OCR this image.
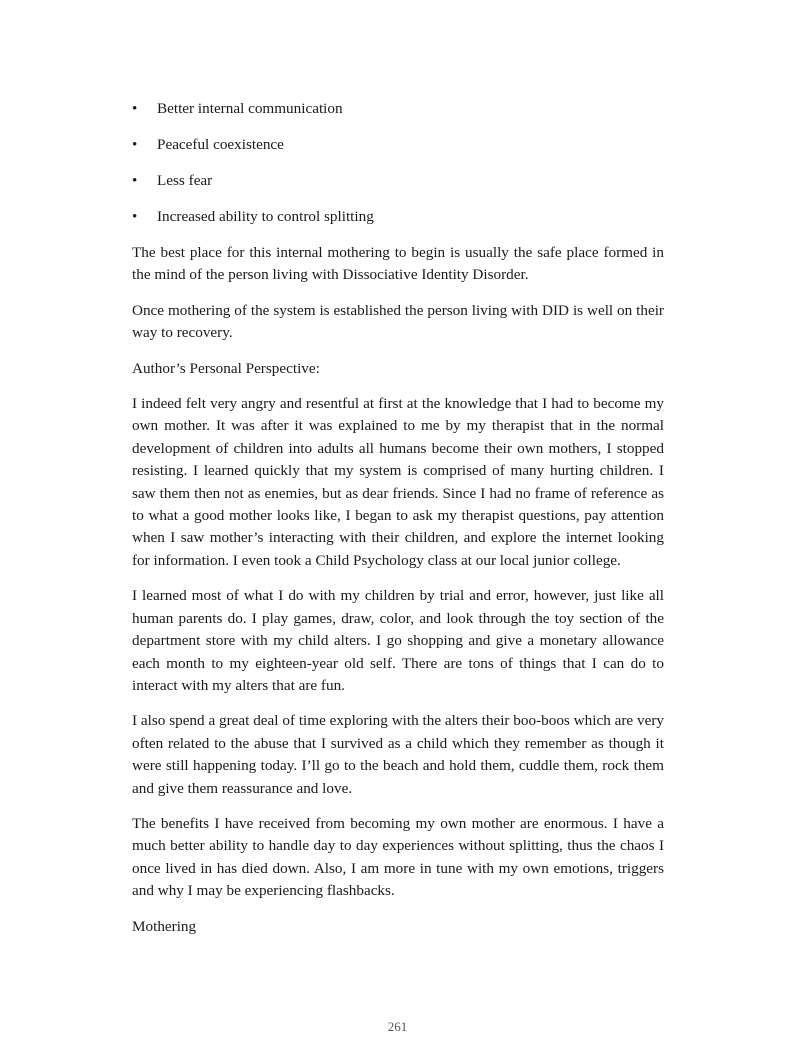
• Better internal communication
• Peaceful coexistence
• Less fear
• Increased ability to control splitting

The best place for this internal mothering to begin is usually the safe place formed in the mind of the person living with Dissociative Identity Disorder.

Once mothering of the system is established the person living with DID is well on their way to recovery.

Author’s Personal Perspective:

I indeed felt very angry and resentful at first at the knowledge that I had to become my own mother. It was after it was explained to me by my therapist that in the normal development of children into adults all humans become their own mothers, I stopped resisting. I learned quickly that my system is comprised of many hurting children. I saw them then not as enemies, but as dear friends. Since I had no frame of reference as to what a good mother looks like, I began to ask my therapist questions, pay attention when I saw mother’s interacting with their children, and explore the internet looking for information. I even took a Child Psychology class at our local junior college.

I learned most of what I do with my children by trial and error, however, just like all human parents do. I play games, draw, color, and look through the toy section of the department store with my child alters. I go shopping and give a monetary allowance each month to my eighteen-year old self. There are tons of things that I can do to interact with my alters that are fun.

I also spend a great deal of time exploring with the alters their boo-boos which are very often related to the abuse that I survived as a child which they remember as though it were still happening today. I’ll go to the beach and hold them, cuddle them, rock them and give them reassurance and love.

The benefits I have received from becoming my own mother are enormous. I have a much better ability to handle day to day experiences without splitting, thus the chaos I once lived in has died down. Also, I am more in tune with my own emotions, triggers and why I may be experiencing flashbacks.

Mothering

261
